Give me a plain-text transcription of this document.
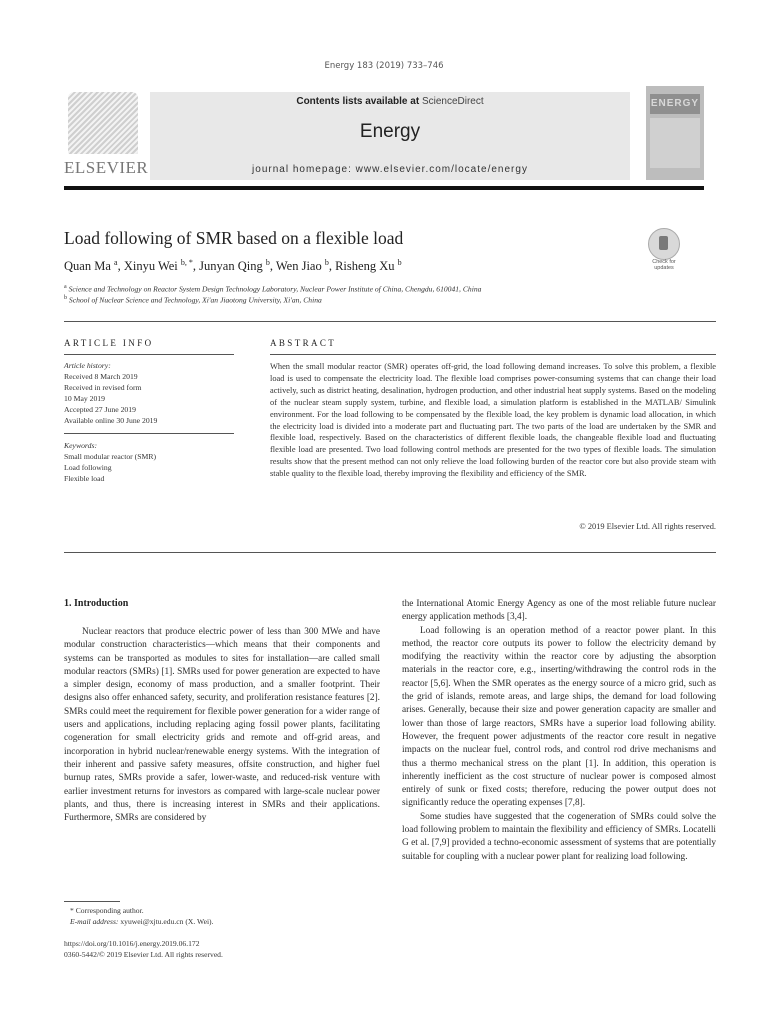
Energy 183 (2019) 733–746
ELSEVIER
Contents lists available at ScienceDirect
Energy
journal homepage: www.elsevier.com/locate/energy
ENERGY
Load following of SMR based on a flexible load
Check for updates
Quan Ma $^a$, Xinyu Wei $^{b, *}$, Junyan Qing $^b$, Wen Jiao $^b$, Risheng Xu $^b$
$^a$ Science and Technology on Reactor System Design Technology Laboratory, Nuclear Power Institute of China, Chengdu, 610041, China
$^b$ School of Nuclear Science and Technology, Xi'an Jiaotong University, Xi'an, China
ARTICLE INFO
Article history:
Received 8 March 2019
Received in revised form
10 May 2019
Accepted 27 June 2019
Available online 30 June 2019
Keywords:
Small modular reactor (SMR)
Load following
Flexible load
ABSTRACT
When the small modular reactor (SMR) operates off-grid, the load following demand increases. To solve this problem, a flexible load is used to compensate the electricity load. The flexible load comprises power-consuming systems that can change their load actively, such as district heating, desalination, hydrogen production, and other industrial heat supply systems. Based on the modeling of the nuclear steam supply system, turbine, and flexible load, a simulation platform is established in the MATLAB/ Simulink environment. For the load following to be compensated by the flexible load, the key problem is dynamic load allocation, in which the electricity load is divided into a moderate part and fluctuating part. The two parts of the load are undertaken by the SMR and flexible load, respectively. Based on the characteristics of different flexible loads, the changeable flexible load and fluctuating flexible load are presented. Two load following control methods are presented for the two types of flexible loads. The simulation results show that the present method can not only relieve the load following burden of the reactor core but also provide steam with stable quality to the flexible load, thereby improving the flexibility and efficiency of the SMR.
© 2019 Elsevier Ltd. All rights reserved.
1. Introduction

Nuclear reactors that produce electric power of less than 300 MWe and have modular construction characteristics—which means that their components and systems can be transported as modules to sites for installation—are called small modular reactors (SMRs) [1]. SMRs used for power generation are expected to have a simpler design, economy of mass production, and a smaller footprint. Their designs also offer enhanced safety, security, and proliferation resistance features [2]. SMRs could meet the requirement for flexible power generation for a wider range of users and applications, including replacing aging fossil power plants, facilitating cogeneration for small electricity grids and remote and off-grid areas, and incorporation in hybrid nuclear/renewable energy systems. With the integration of their inherent and passive safety measures, offsite construction, and higher fuel burnup rates, SMRs provide a safer, lower-waste, and reduced-risk venture with earlier investment returns for investors as compared with large-scale nuclear power plants, and thus, there is increasing interest in SMRs and their applications. Furthermore, SMRs are considered by

the International Atomic Energy Agency as one of the most reliable future nuclear energy application methods [3,4].

Load following is an operation method of a reactor power plant. In this method, the reactor core outputs its power to follow the electricity demand by modifying the reactivity within the reactor core by adjusting the absorption materials in the reactor core, e.g., inserting/withdrawing the control rods in the reactor [5,6]. When the SMR operates as the energy source of a micro grid, such as the grid of islands, remote areas, and large ships, the demand for load following arises. Generally, because their size and power generation capacity are smaller and lower than those of large reactors, SMRs have a superior load following ability. However, the frequent power adjustments of the reactor core result in negative impacts on the nuclear fuel, control rods, and control rod drive mechanisms and thus a thermo mechanical stress on the plant [1]. In addition, this operation is inherently inefficient as the cost structure of nuclear power is composed almost entirely of sunk or fixed costs; therefore, reducing the power output does not significantly reduce the operating expenses [7,8].

Some studies have suggested that the cogeneration of SMRs could solve the load following problem to maintain the flexibility and efficiency of SMRs. Locatelli G et al. [7,9] provided a techno-economic assessment of systems that are potentially suitable for coupling with a nuclear power plant for realizing load following.

* Corresponding author.
E-mail address: xyuwei@xjtu.edu.cn (X. Wei).
https://doi.org/10.1016/j.energy.2019.06.172
0360-5442/© 2019 Elsevier Ltd. All rights reserved.
